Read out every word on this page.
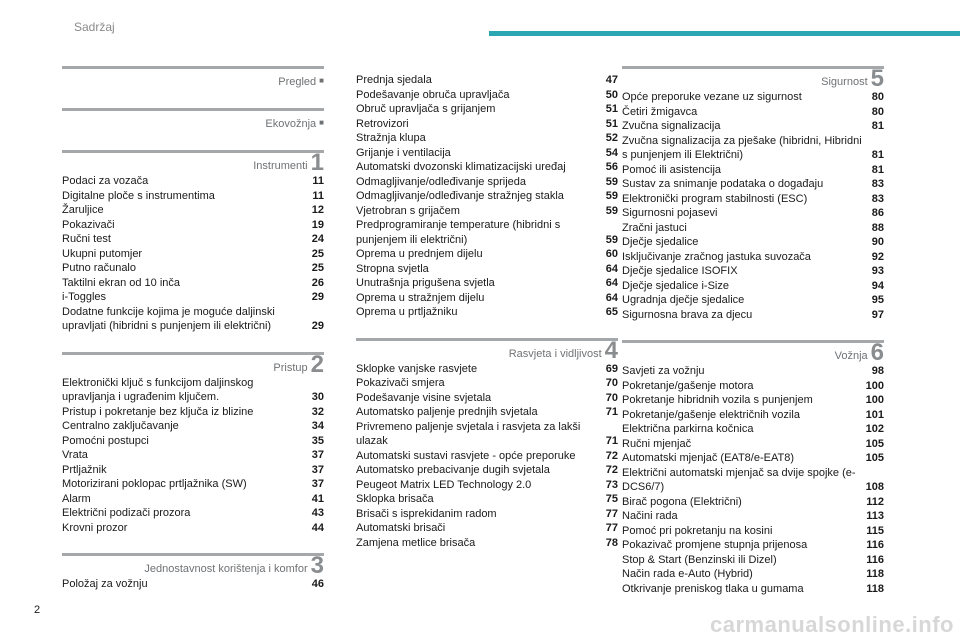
Sadržaj
Pregled ■
Ekovožnja ■
Instrumenti 1
Podaci za vozača	11
Digitalne ploče s instrumentima	11
Žaruljice	12
Pokazivači	19
Ručni test	24
Ukupni putomjer	25
Putno računalo	25
Taktilni ekran od 10 inča	26
i-Toggles	29
Dodatne funkcije kojima je moguće daljinski upravljati (hibridni s punjenjem ili električni)	29
Pristup 2
Elektronički ključ s funkcijom daljinskog upravljanja i ugrađenim ključem.	30
Pristup i pokretanje bez ključa iz blizine	32
Centralno zaključavanje	34
Pomoćni postupci	35
Vrata	37
Prtljažnik	37
Motorizirani poklopac prtljažnika (SW)	37
Alarm	41
Električni podizači prozora	43
Krovni prozor	44
Jednostavnost korištenja i komfor 3
Položaj za vožnju	46
Prednja sjedala	47
Podešavanje obruča upravljača	50
Obruč upravljača s grijanjem	51
Retrovizori	51
Stražnja klupa	52
Grijanje i ventilacija	54
Automatski dvozonski klimatizacijski uređaj	56
Odmagljivanje/odleđivanje sprijeda	59
Odmagljivanje/odleđivanje stražnjeg stakla	59
Vjetrobran s grijačem	59
Predprogramiranje temperature (hibridni s punjenjem ili električni)	59
Oprema u prednjem dijelu	60
Stropna svjetla	64
Unutrašnja prigušena svjetla	64
Oprema u stražnjem dijelu	64
Oprema u prtljažniku	65
Rasvjeta i vidljivost 4
Sklopke vanjske rasvjete	69
Pokazivači smjera	70
Podešavanje visine svjetala	70
Automatsko paljenje prednjih svjetala	71
Privremeno paljenje svjetala i rasvjeta za lakši ulazak	71
Automatski sustavi rasvjete - opće preporuke	72
Automatsko prebacivanje dugih svjetala	72
Peugeot Matrix LED Technology 2.0	73
Sklopka brisača	75
Brisači s isprekidanim radom	77
Automatski brisači	77
Zamjena metlice brisača	78
Sigurnost 5
Opće preporuke vezane uz sigurnost	80
Četiri žmigavca	80
Zvučna signalizacija	81
Zvučna signalizacija za pješake (hibridni, Hibridni s punjenjem ili Električni)	81
Pomoć ili asistencija	81
Sustav za snimanje podataka o događaju	83
Elektronički program stabilnosti (ESC)	83
Sigurnosni pojasevi	86
Zračni jastuci	88
Dječje sjedalice	90
Isključivanje zračnog jastuka suvozača	92
Dječje sjedalice ISOFIX	93
Dječje sjedalice i-Size	94
Ugradnja dječje sjedalice	95
Sigurnosna brava za djecu	97
Vožnja 6
Savjeti za vožnju	98
Pokretanje/gašenje motora	100
Pokretanje hibridnih vozila s punjenjem	100
Pokretanje/gašenje električnih vozila	101
Električna parkirna kočnica	102
Ručni mjenjač	105
Automatski mjenjač (EAT8/e-EAT8)	105
Električni automatski mjenjač sa dvije spojke (e-DCS6/7)	108
Birač pogona (Električni)	112
Načini rada	113
Pomoć pri pokretanju na kosini	115
Pokazivač promjene stupnja prijenosa	116
Stop & Start (Benzinski ili Dizel)	116
Način rada e-Auto (Hybrid)	118
Otkrivanje preniskog tlaka u gumama	118
2
carmanualsonline.info
